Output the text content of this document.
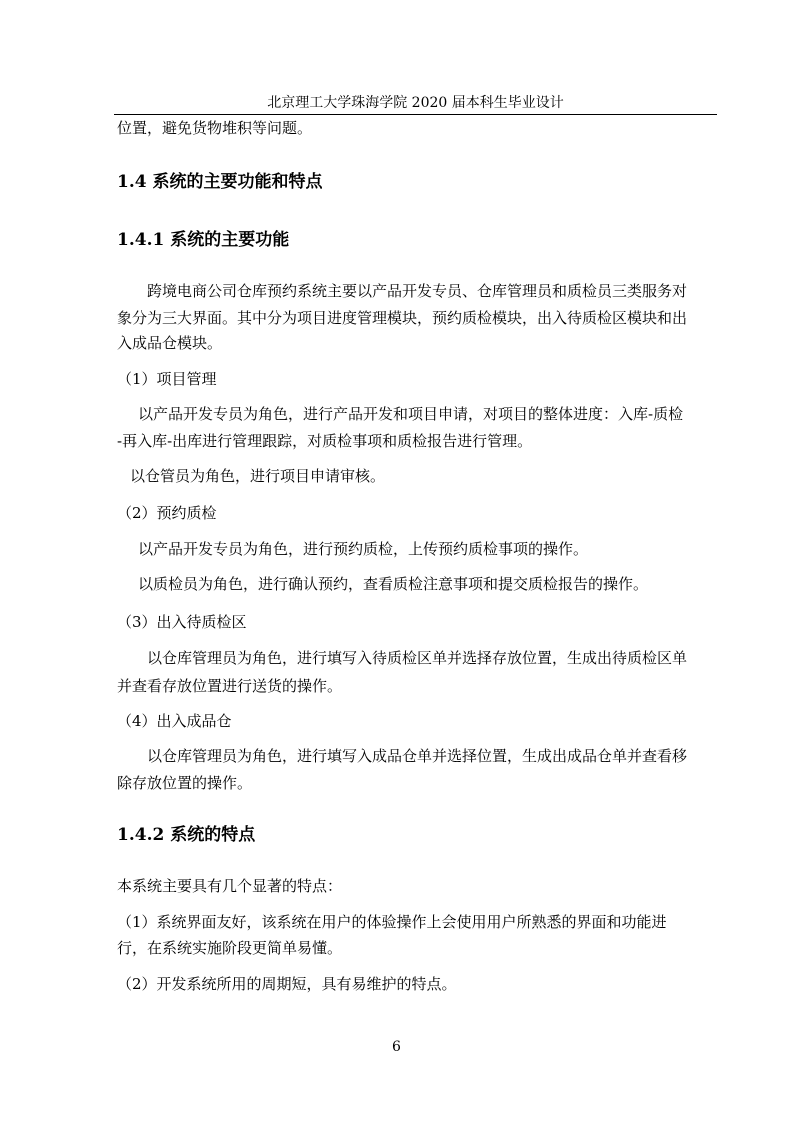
北京理工大学珠海学院 2020 届本科生毕业设计
位置，避免货物堆积等问题。
1.4 系统的主要功能和特点
1.4.1 系统的主要功能
跨境电商公司仓库预约系统主要以产品开发专员、仓库管理员和质检员三类服务对
象分为三大界面。其中分为项目进度管理模块，预约质检模块，出入待质检区模块和出
入成品仓模块。
（1）项目管理
以产品开发专员为角色，进行产品开发和项目申请，对项目的整体进度：入库-质检
-再入库-出库进行管理跟踪，对质检事项和质检报告进行管理。
以仓管员为角色，进行项目申请审核。
（2）预约质检
以产品开发专员为角色，进行预约质检，上传预约质检事项的操作。
以质检员为角色，进行确认预约，查看质检注意事项和提交质检报告的操作。
（3）出入待质检区
以仓库管理员为角色，进行填写入待质检区单并选择存放位置，生成出待质检区单
并查看存放位置进行送货的操作。
（4）出入成品仓
以仓库管理员为角色，进行填写入成品仓单并选择位置，生成出成品仓单并查看移
除存放位置的操作。
1.4.2 系统的特点
本系统主要具有几个显著的特点：
（1）系统界面友好，该系统在用户的体验操作上会使用用户所熟悉的界面和功能进
行，在系统实施阶段更简单易懂。
（2）开发系统所用的周期短，具有易维护的特点。
6
